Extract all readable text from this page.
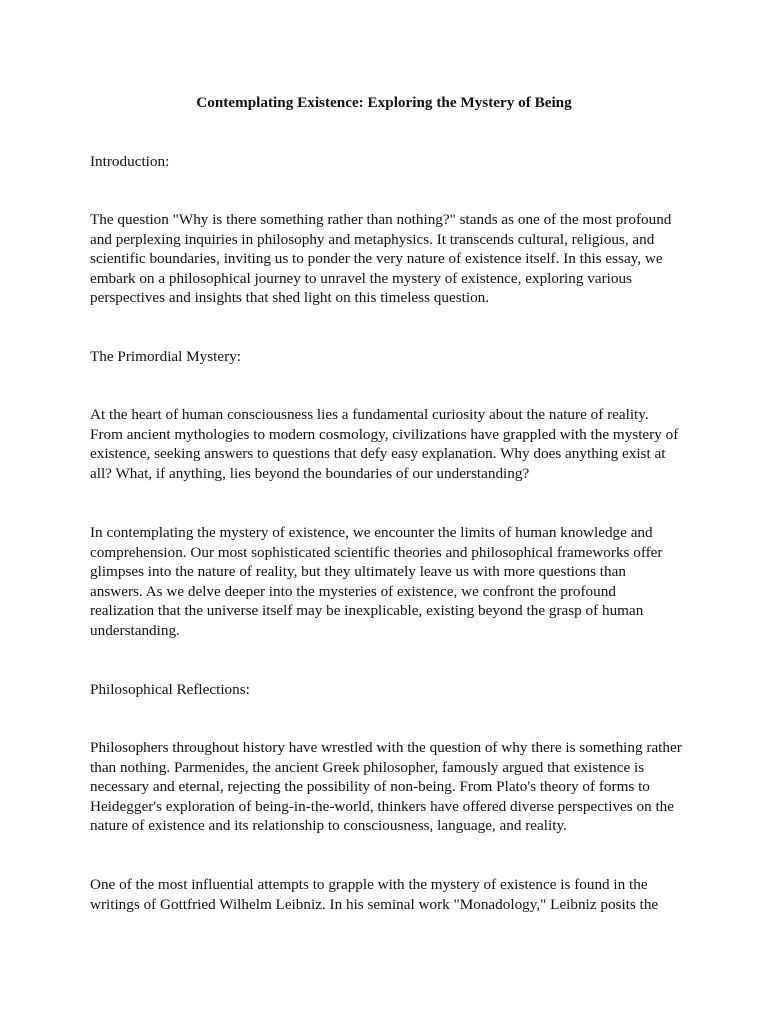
Contemplating Existence: Exploring the Mystery of Being

Introduction:

The question "Why is there something rather than nothing?" stands as one of the most profound
and perplexing inquiries in philosophy and metaphysics. It transcends cultural, religious, and
scientific boundaries, inviting us to ponder the very nature of existence itself. In this essay, we
embark on a philosophical journey to unravel the mystery of existence, exploring various
perspectives and insights that shed light on this timeless question.

The Primordial Mystery:

At the heart of human consciousness lies a fundamental curiosity about the nature of reality.
From ancient mythologies to modern cosmology, civilizations have grappled with the mystery of
existence, seeking answers to questions that defy easy explanation. Why does anything exist at
all? What, if anything, lies beyond the boundaries of our understanding?

In contemplating the mystery of existence, we encounter the limits of human knowledge and
comprehension. Our most sophisticated scientific theories and philosophical frameworks offer
glimpses into the nature of reality, but they ultimately leave us with more questions than
answers. As we delve deeper into the mysteries of existence, we confront the profound
realization that the universe itself may be inexplicable, existing beyond the grasp of human
understanding.

Philosophical Reflections:

Philosophers throughout history have wrestled with the question of why there is something rather
than nothing. Parmenides, the ancient Greek philosopher, famously argued that existence is
necessary and eternal, rejecting the possibility of non-being. From Plato's theory of forms to
Heidegger's exploration of being-in-the-world, thinkers have offered diverse perspectives on the
nature of existence and its relationship to consciousness, language, and reality.

One of the most influential attempts to grapple with the mystery of existence is found in the
writings of Gottfried Wilhelm Leibniz. In his seminal work "Monadology," Leibniz posits the
